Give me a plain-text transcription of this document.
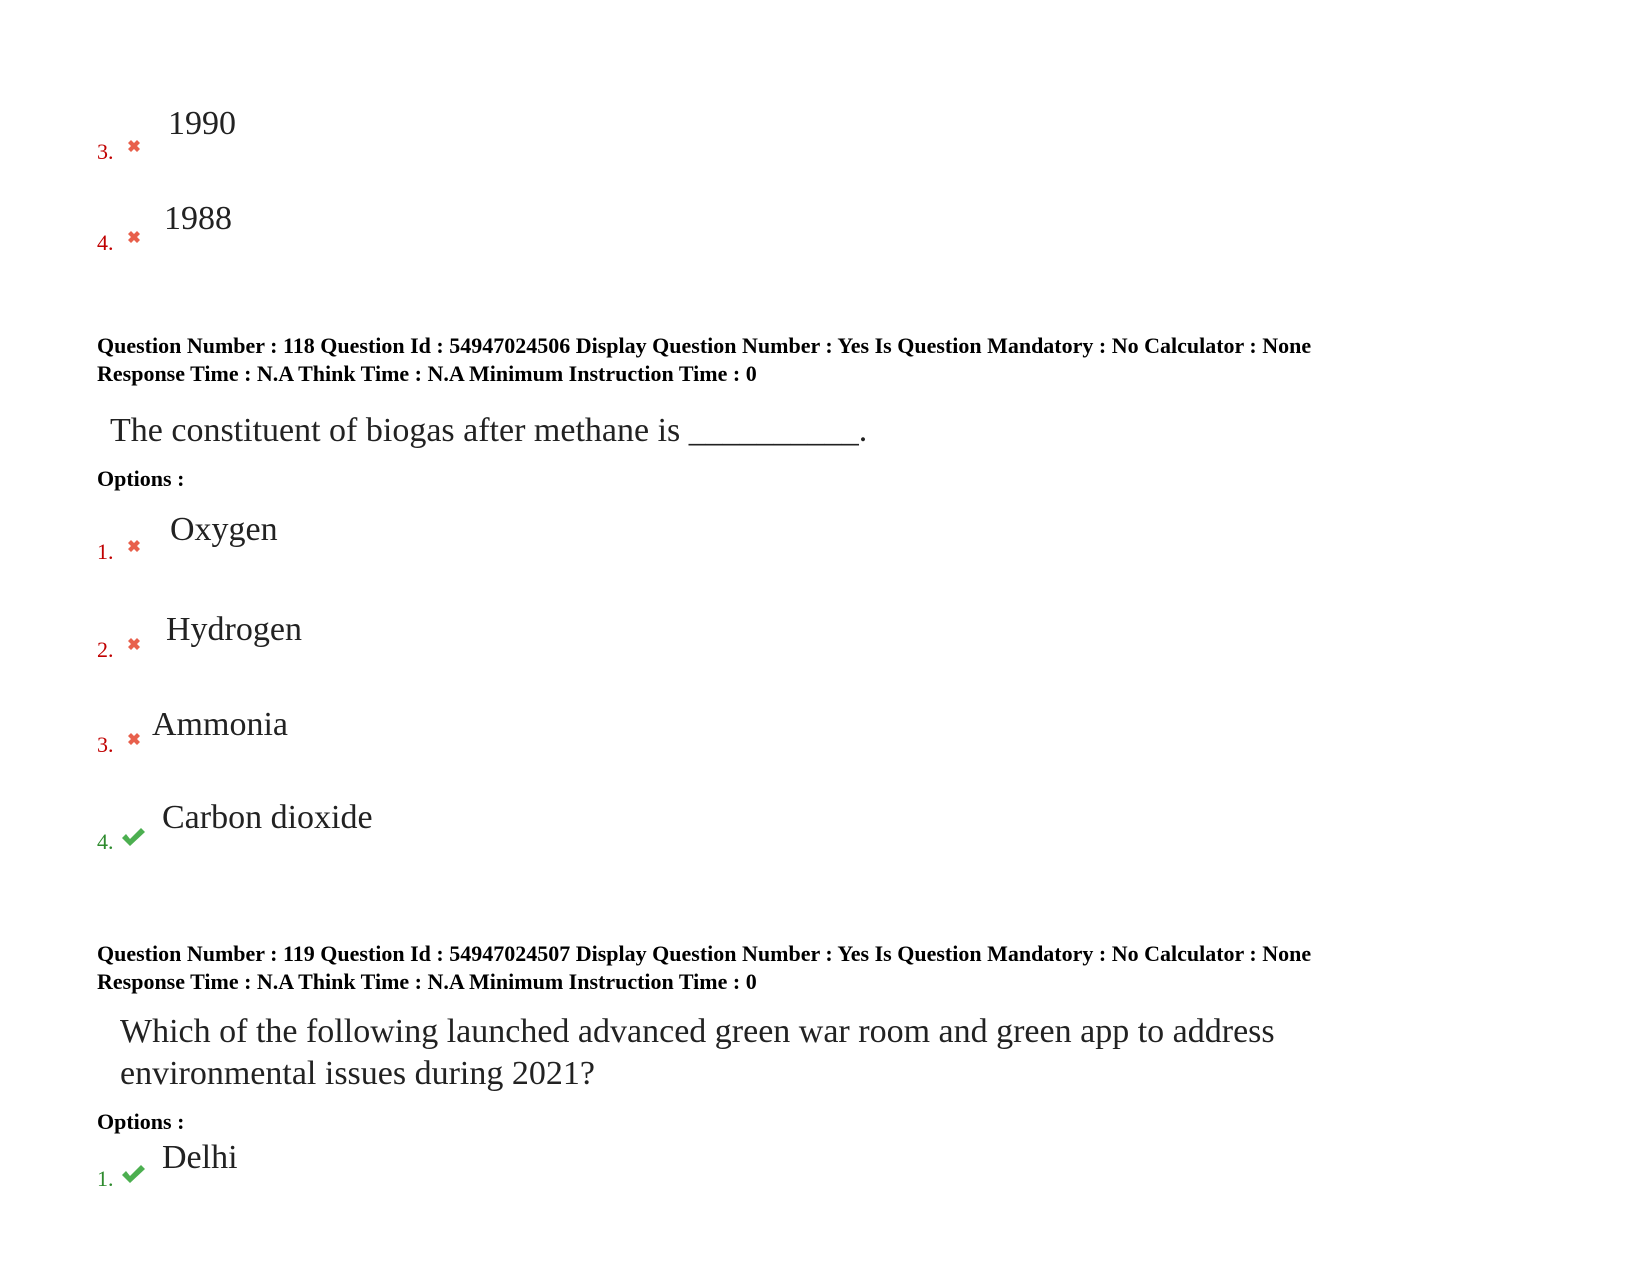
3.
1990
4.
1988
Question Number : 118 Question Id : 54947024506 Display Question Number : Yes Is Question Mandatory : No Calculator : None
Response Time : N.A Think Time : N.A Minimum Instruction Time : 0
The constituent of biogas after methane is __________.
Options :
1.
Oxygen
2.
Hydrogen
3.
Ammonia
4.
Carbon dioxide
Question Number : 119 Question Id : 54947024507 Display Question Number : Yes Is Question Mandatory : No Calculator : None
Response Time : N.A Think Time : N.A Minimum Instruction Time : 0
Which of the following launched advanced green war room and green app to address
environmental issues during 2021?
Options :
1.
Delhi
